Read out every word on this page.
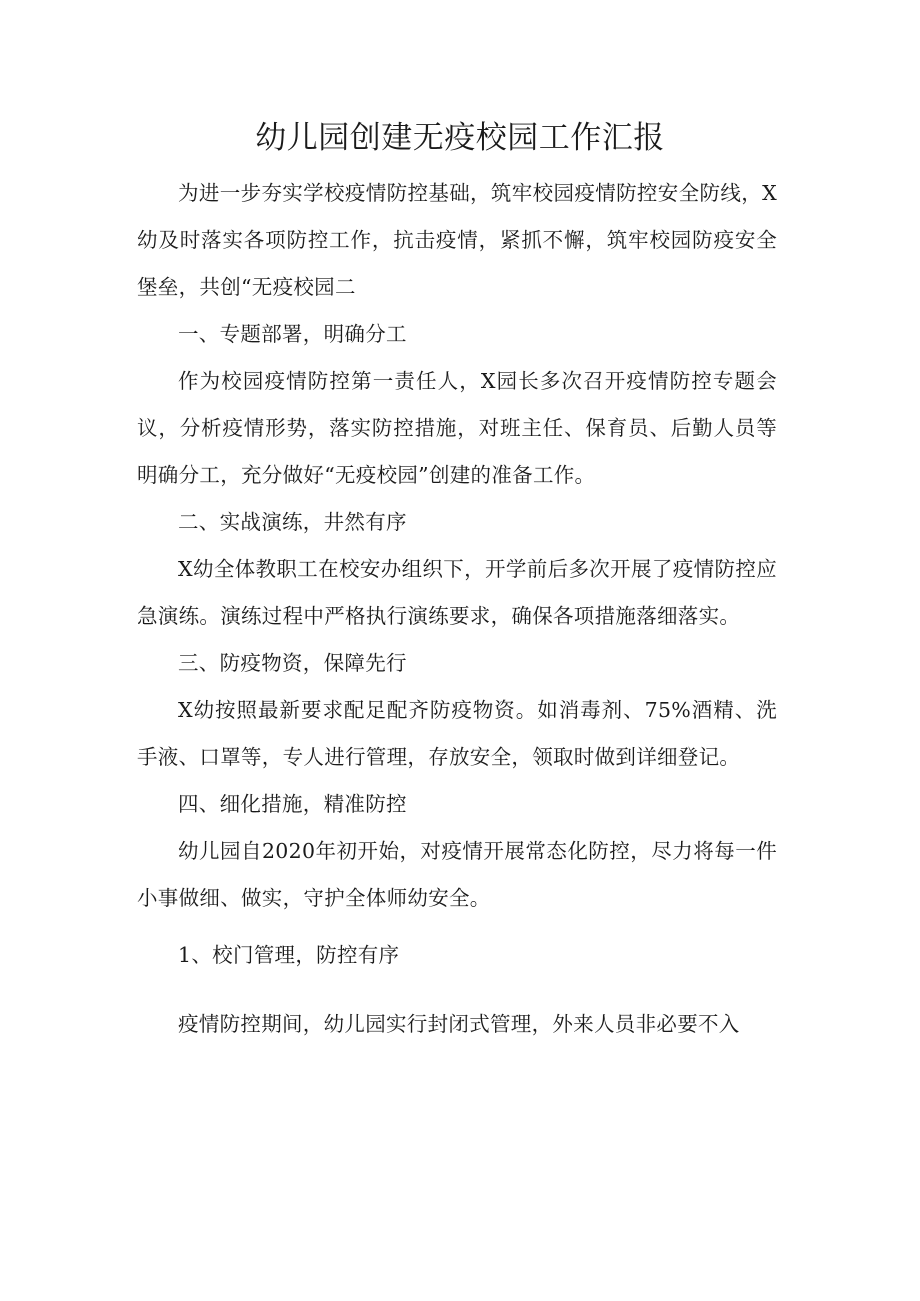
幼儿园创建无疫校园工作汇报

为进一步夯实学校疫情防控基础，筑牢校园疫情防控安全防线，X幼及时落实各项防控工作，抗击疫情，紧抓不懈，筑牢校园防疫安全堡垒，共创“无疫校园二

一、专题部署，明确分工

作为校园疫情防控第一责任人，X园长多次召开疫情防控专题会议，分析疫情形势，落实防控措施，对班主任、保育员、后勤人员等明确分工，充分做好“无疫校园”创建的准备工作。

二、实战演练，井然有序

X幼全体教职工在校安办组织下，开学前后多次开展了疫情防控应急演练。演练过程中严格执行演练要求，确保各项措施落细落实。

三、防疫物资，保障先行

X幼按照最新要求配足配齐防疫物资。如消毒剂、75%酒精、洗手液、口罩等，专人进行管理，存放安全，领取时做到详细登记。

四、细化措施，精准防控

幼儿园自2020年初开始，对疫情开展常态化防控，尽力将每一件小事做细、做实，守护全体师幼安全。

1、校门管理，防控有序

疫情防控期间，幼儿园实行封闭式管理，外来人员非必要不入
